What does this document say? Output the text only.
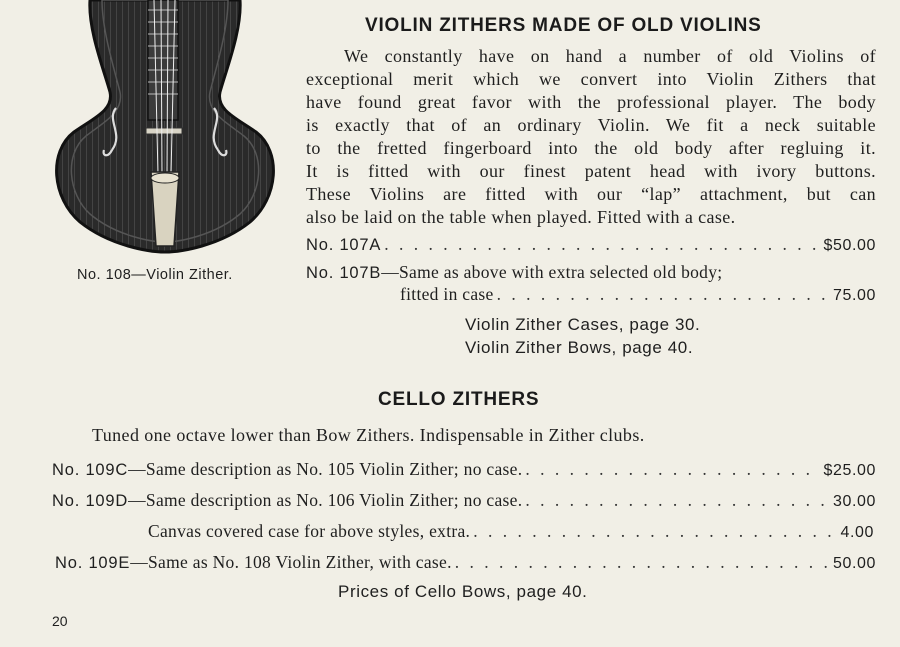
No. 108—Violin Zither.
VIOLIN ZITHERS MADE OF OLD VIOLINS

We constantly have on hand a number of old Violins of

exceptional merit which we convert into Violin Zithers that

have found great favor with the professional player. The body

is exactly that of an ordinary Violin. We fit a neck suitable

to the fretted fingerboard into the old body after regluing it.

It is fitted with our finest patent head with ivory buttons.

These Violins are fitted with our “lap” attachment, but can

also be laid on the table when played. Fitted with a case.

No. 107A . . .	$50.00
No. 107B —Same as above with extra selected old body;
fitted in case . . .	75.00
Violin Zither Cases, page 30.
Violin Zither Bows, page 40.
CELLO ZITHERS
Tuned one octave lower than Bow Zithers. Indispensable in Zither clubs.
No. 109C —Same description as No. 105 Violin Zither; no case. . . .	$25.00
No. 109D —Same description as No. 106 Violin Zither; no case. . . .	30.00
Canvas covered case for above styles, extra. . . .	4.00
No. 109E —Same as No. 108 Violin Zither, with case. . . .	50.00
Prices of Cello Bows, page 40.
20
